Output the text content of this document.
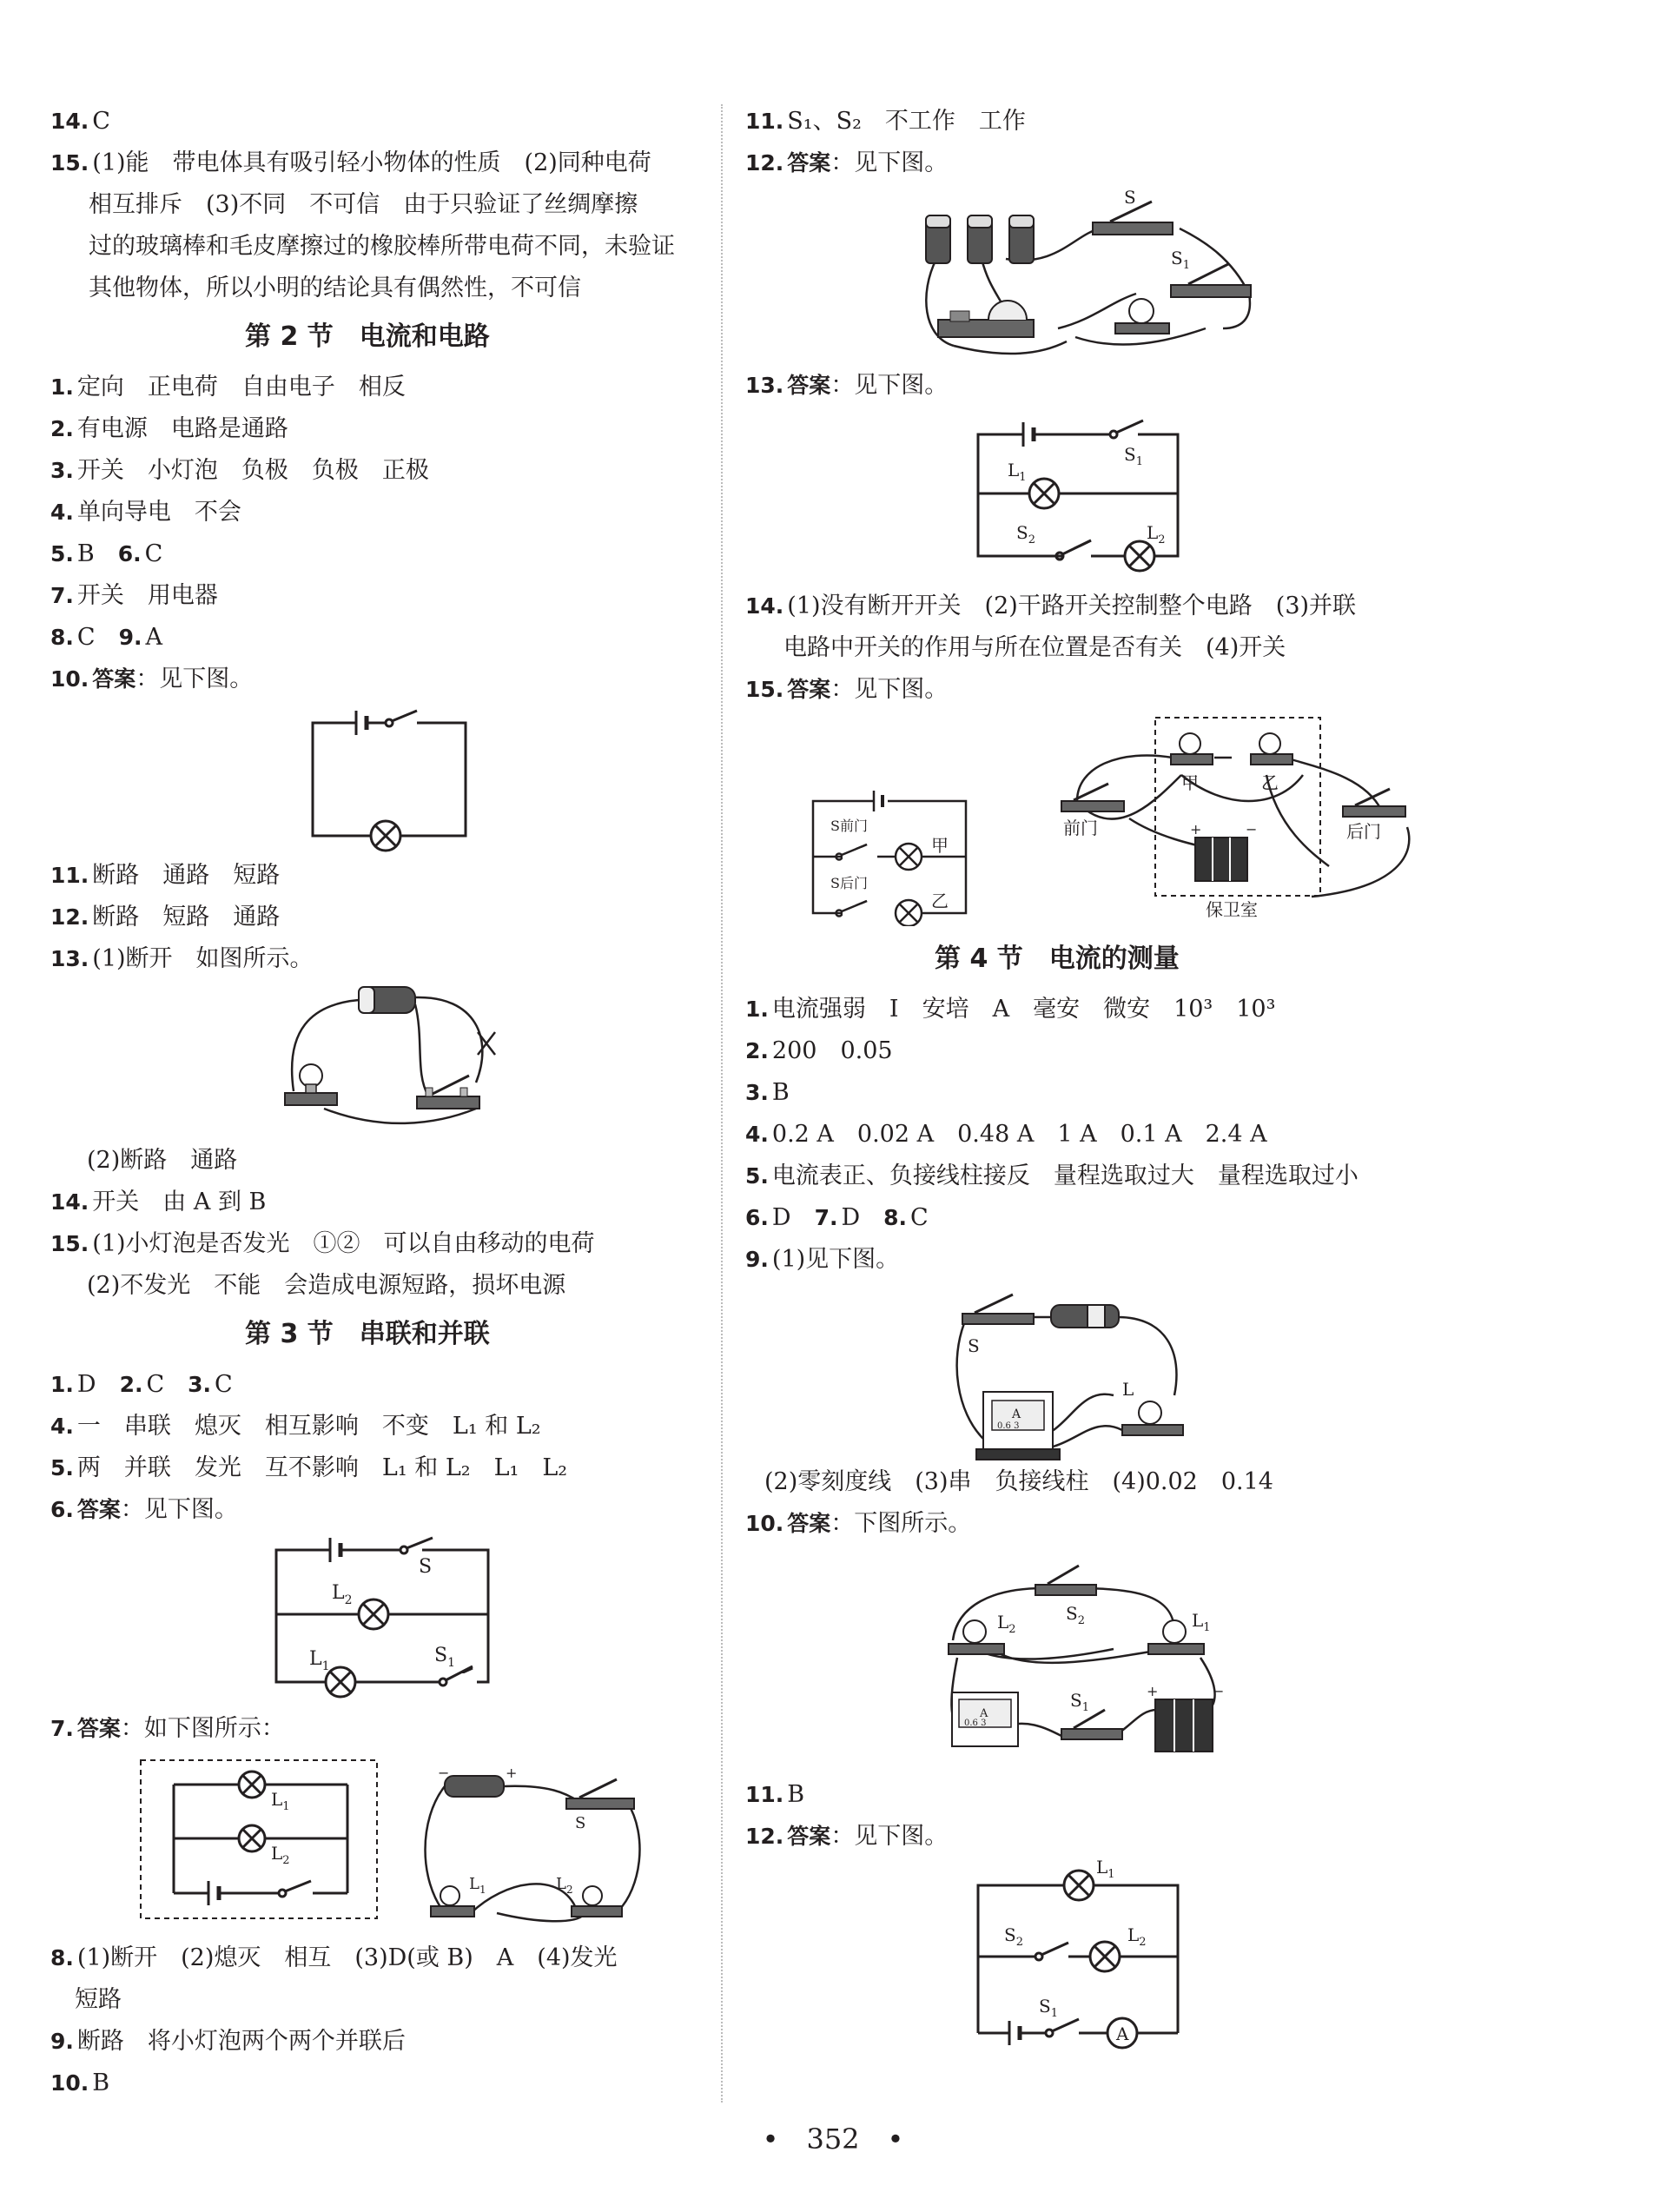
14. C
15. (1)能　带电体具有吸引轻小物体的性质　(2)同种电荷
相互排斥　(3)不同　不可信　由于只验证了丝绸摩擦
过的玻璃棒和毛皮摩擦过的橡胶棒所带电荷不同，未验证
其他物体，所以小明的结论具有偶然性，不可信
第 2 节　电流和电路
1. 定向　正电荷　自由电子　相反
2. 有电源　电路是通路
3. 开关　小灯泡　负极　负极　正极
4. 单向导电　不会
5. B　 6. C
7. 开关　用电器
8. C　 9. A
10. 答案：见下图。
11. 断路　通路　短路
12. 断路　短路　通路
13. (1)断开　如图所示。
(2)断路　通路
14. 开关　由 A 到 B
15. (1)小灯泡是否发光　①②　可以自由移动的电荷
(2)不发光　不能　会造成电源短路，损坏电源
第 3 节　串联和并联
1. D　 2. C　 3. C
4. 一　串联　熄灭　相互影响　不变　L₁ 和 L₂
5. 两　并联　发光　互不影响　L₁ 和 L₂　L₁　L₂
6. 答案：见下图。
S
$L_2$
$L_1$	$S_1$
7. 答案：如下图所示：
$L_1$
$L_2$
−	+
S
$L_1$	$L_2$
8. (1)断开　(2)熄灭　相互　(3)D(或 B)　A　(4)发光
短路
9. 断路　将小灯泡两个两个并联后
10. B
11. S₁、S₂　不工作　工作
12. 答案：见下图。
S
$S_1$
13. 答案：见下图。
$S_1$
$L_1$
$S_2$	$L_2$
14. (1)没有断开开关　(2)干路开关控制整个电路　(3)并联
电路中开关的作用与所在位置是否有关　(4)开关
15. 答案：见下图。
S前门
S后门
甲
乙
甲	乙
前门	后门
+	−
保卫室
第 4 节　电流的测量
1. 电流强弱　I　安培　A　毫安　微安　10³　10³
2. 200　0.05
3. B
4. 0.2 A　0.02 A　0.48 A　1 A　0.1 A　2.4 A
5. 电流表正、负接线柱接反　量程选取过大　量程选取过小
6. D　 7. D　 8. C
9. (1)见下图。
S
A
0.6 3
L
(2)零刻度线　(3)串　负接线柱　(4)0.02　0.14
10. 答案：下图所示。
$S_2$
$L_2$	$L_1$
A
0.6 3
$S_1$
+	−
11. B
12. 答案：见下图。
A
$L_1$
$S_2$	$L_2$
$S_1$
•　352　•
